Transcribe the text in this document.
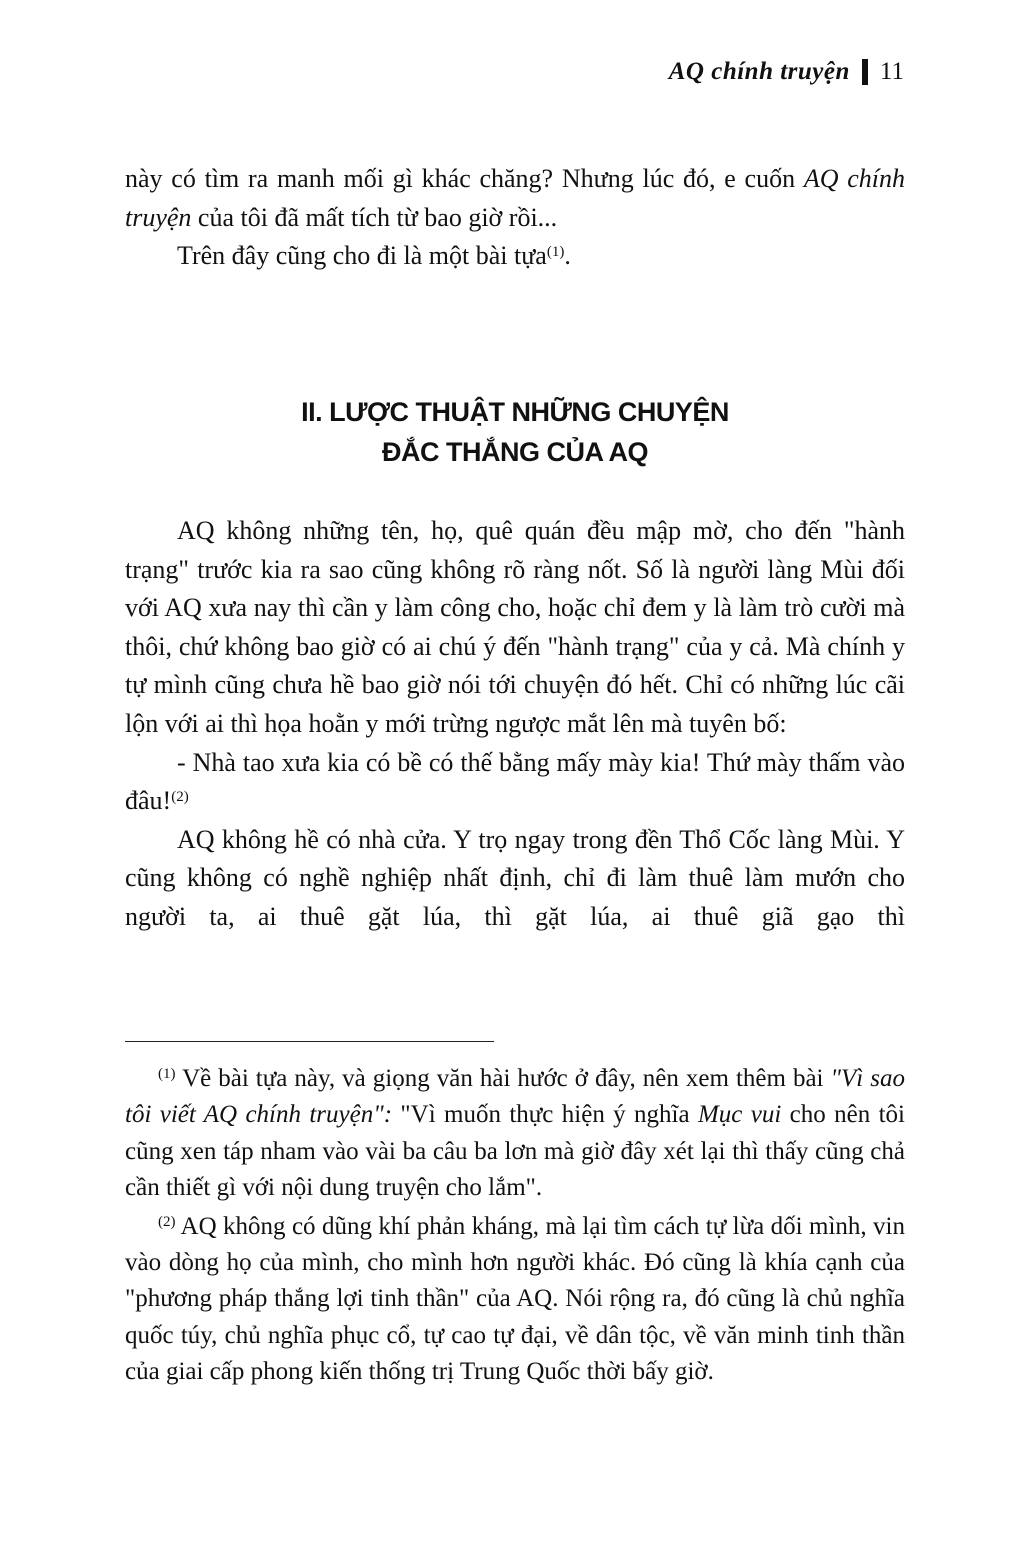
AQ chính truyện 11

này có tìm ra manh mối gì khác chăng? Nhưng lúc đó, e cuốn AQ chính truyện của tôi đã mất tích từ bao giờ rồi...

Trên đây cũng cho đi là một bài tựa$^{(1)}$.

II. LƯỢC THUẬT NHỮNG CHUYỆN
ĐẮC THẮNG CỦA AQ

AQ không những tên, họ, quê quán đều mập mờ, cho đến "hành trạng" trước kia ra sao cũng không rõ ràng nốt. Số là người làng Mùi đối với AQ xưa nay thì cần y làm công cho, hoặc chỉ đem y là làm trò cười mà thôi, chứ không bao giờ có ai chú ý đến "hành trạng" của y cả. Mà chính y tự mình cũng chưa hề bao giờ nói tới chuyện đó hết. Chỉ có những lúc cãi lộn với ai thì họa hoằn y mới trừng ngược mắt lên mà tuyên bố:

- Nhà tao xưa kia có bề có thế bằng mấy mày kia! Thứ mày thấm vào đâu!$^{(2)}$

AQ không hề có nhà cửa. Y trọ ngay trong đền Thổ Cốc làng Mùi. Y cũng không có nghề nghiệp nhất định, chỉ đi làm thuê làm mướn cho người ta, ai thuê gặt lúa, thì gặt lúa, ai thuê giã gạo thì

$^{(1)}$ Về bài tựa này, và giọng văn hài hước ở đây, nên xem thêm bài "Vì sao tôi viết AQ chính truyện": "Vì muốn thực hiện ý nghĩa Mục vui cho nên tôi cũng xen táp nham vào vài ba câu ba lơn mà giờ đây xét lại thì thấy cũng chả cần thiết gì với nội dung truyện cho lắm".

$^{(2)}$ AQ không có dũng khí phản kháng, mà lại tìm cách tự lừa dối mình, vin vào dòng họ của mình, cho mình hơn người khác. Đó cũng là khía cạnh của "phương pháp thắng lợi tinh thần" của AQ. Nói rộng ra, đó cũng là chủ nghĩa quốc túy, chủ nghĩa phục cổ, tự cao tự đại, về dân tộc, về văn minh tinh thần của giai cấp phong kiến thống trị Trung Quốc thời bấy giờ.
